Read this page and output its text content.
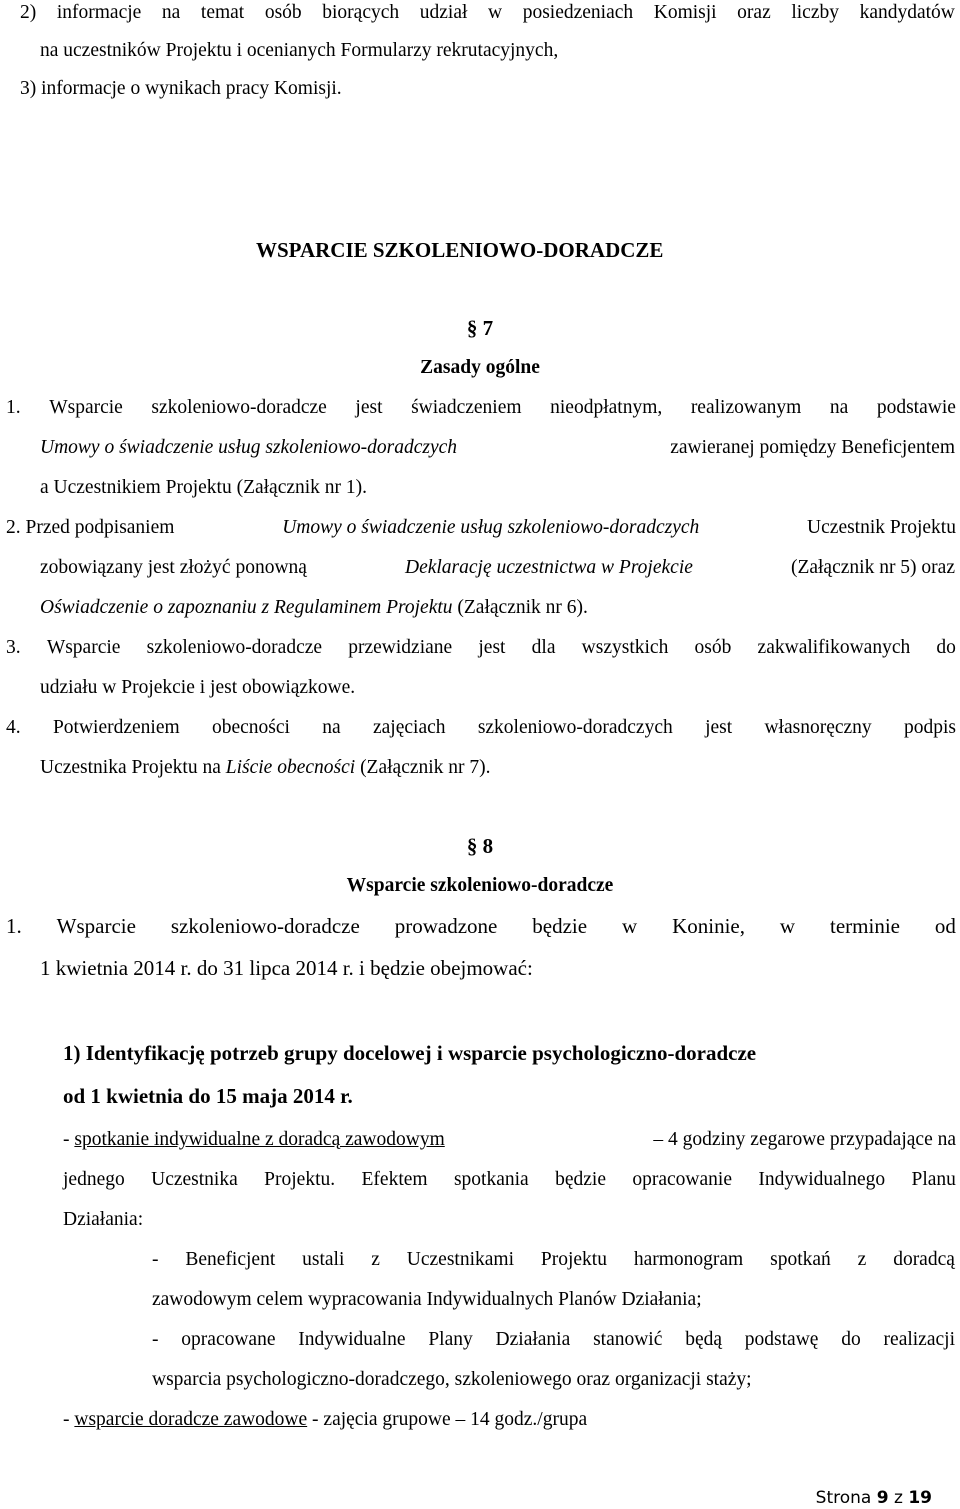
2) informacje na temat osób biorących udział w posiedzeniach Komisji oraz liczby kandydatów
na uczestników Projektu i ocenianych Formularzy rekrutacyjnych,
3) informacje o wynikach pracy Komisji.
WSPARCIE SZKOLENIOWO-DORADCZE
§ 7
Zasady ogólne
1. Wsparcie szkoleniowo-doradcze jest świadczeniem nieodpłatnym, realizowanym na podstawie
Umowy o świadczenie usług szkoleniowo-doradczych	zawieranej pomiędzy Beneficjentem
a Uczestnikiem Projektu (Załącznik nr 1).
2. Przed podpisaniem	Umowy o świadczenie usług szkoleniowo-doradczych	Uczestnik Projektu
zobowiązany jest złożyć ponowną	Deklarację uczestnictwa w Projekcie	(Załącznik nr 5) oraz
Oświadczenie o zapoznaniu z Regulaminem Projektu (Załącznik nr 6).
3. Wsparcie szkoleniowo-doradcze przewidziane jest dla wszystkich osób zakwalifikowanych do
udziału w Projekcie i jest obowiązkowe.
4. Potwierdzeniem obecności na zajęciach szkoleniowo-doradczych jest własnoręczny podpis
Uczestnika Projektu na Liście obecności (Załącznik nr 7).
§ 8
Wsparcie szkoleniowo-doradcze
1. Wsparcie szkoleniowo-doradcze prowadzone będzie w Koninie, w terminie od
1 kwietnia 2014 r. do 31 lipca 2014 r. i będzie obejmować:
1) Identyfikację potrzeb grupy docelowej i wsparcie psychologiczno-doradcze
od 1 kwietnia do 15 maja 2014 r.
- spotkanie indywidualne z doradcą zawodowym	– 4 godziny zegarowe przypadające na
jednego Uczestnika Projektu. Efektem spotkania będzie opracowanie Indywidualnego Planu
Działania:
- Beneficjent ustali z Uczestnikami Projektu harmonogram spotkań z doradcą
zawodowym celem wypracowania Indywidualnych Planów Działania;
- opracowane Indywidualne Plany Działania stanowić będą podstawę do realizacji
wsparcia psychologiczno-doradczego, szkoleniowego oraz organizacji staży;
- wsparcie doradcze zawodowe - zajęcia grupowe – 14 godz./grupa
Strona 9 z 19
